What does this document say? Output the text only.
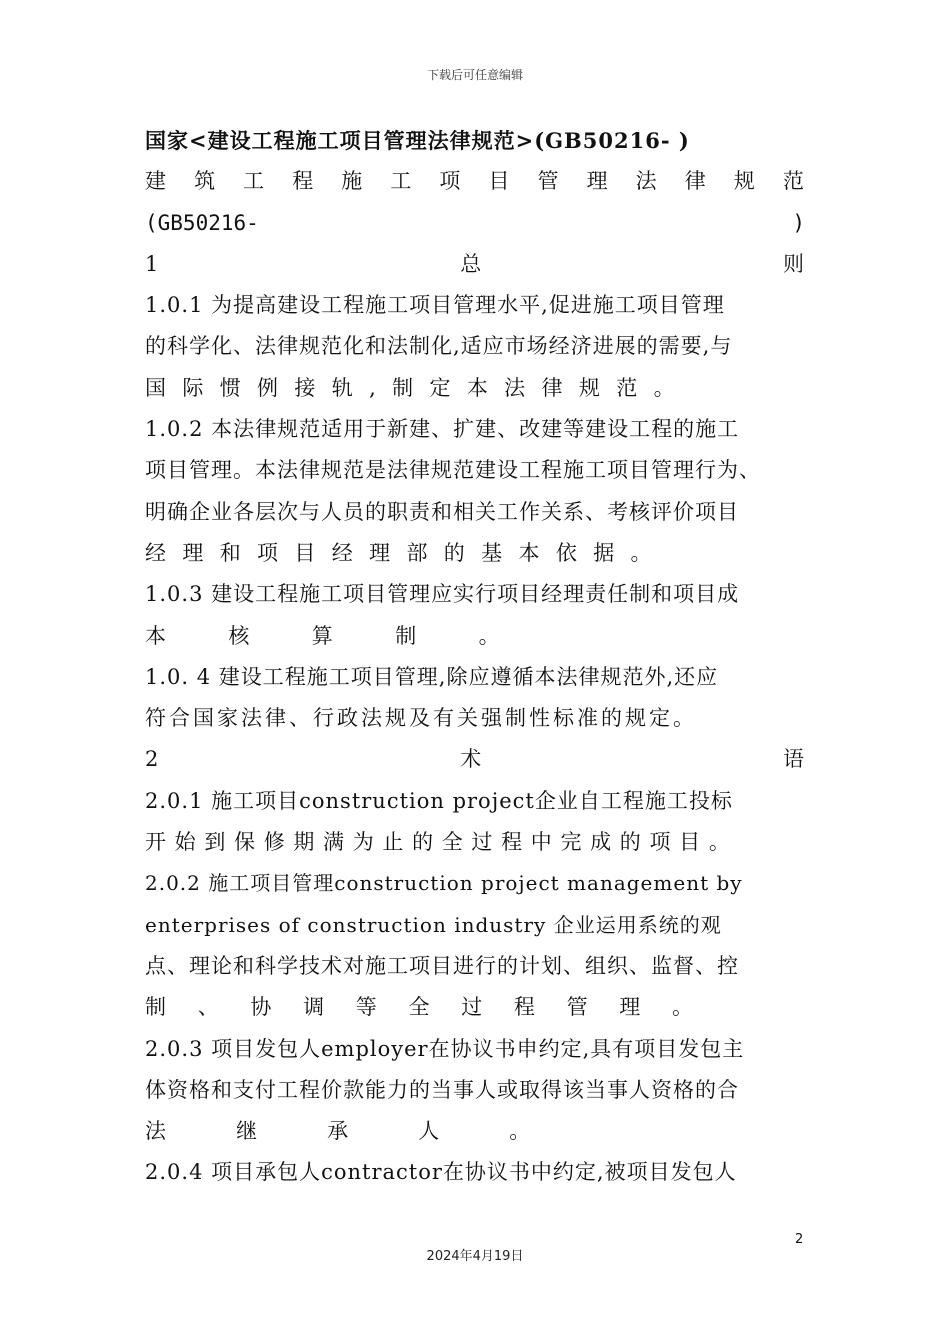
下载后可任意编辑
国家<建设工程施工项目管理法律规范>(GB50216- )
建 筑 工 程 施 工 项 目 管 理 法 律 规 范
(GB50216-	)
1	总	则
1.0.1 为提高建设工程施工项目管理水平,促进施工项目管理
的科学化、法律规范化和法制化,适应市场经济进展的需要,与
国  际  惯  例  接  轨  ,  制  定  本  法  律  规  范  。
1.0.2 本法律规范适用于新建、扩建、改建等建设工程的施工
项目管理。本法律规范是法律规范建设工程施工项目管理行为、
明确企业各层次与人员的职责和相关工作关系、考核评价项目
经  理  和  项  目  经  理  部  的  基  本  依  据  。
1.0.3 建设工程施工项目管理应实行项目经理责任制和项目成
本        核        算        制        。
1.0. 4 建设工程施工项目管理,除应遵循本法律规范外,还应
符合国家法律、行政法规及有关强制性标准的规定。
2	术	语
2.0.1 施工项目construction project企业自工程施工投标
开 始 到 保 修 期 满 为 止 的 全 过 程 中 完 成 的 项 目 。
2.0.2 施工项目管理construction project management by
enterprises of construction industry 企业运用系统的观
点、理论和科学技术对施工项目进行的计划、组织、监督、控
制    、    协    调    等    全    过    程    管    理    。
2.0.3 项目发包人employer在协议书申约定,具有项目发包主
体资格和支付工程价款能力的当事人或取得该当事人资格的合
法         继         承         人         。
2.0.4 项目承包人contractor在协议书中约定,被项目发包人
2
2024年4月19日
